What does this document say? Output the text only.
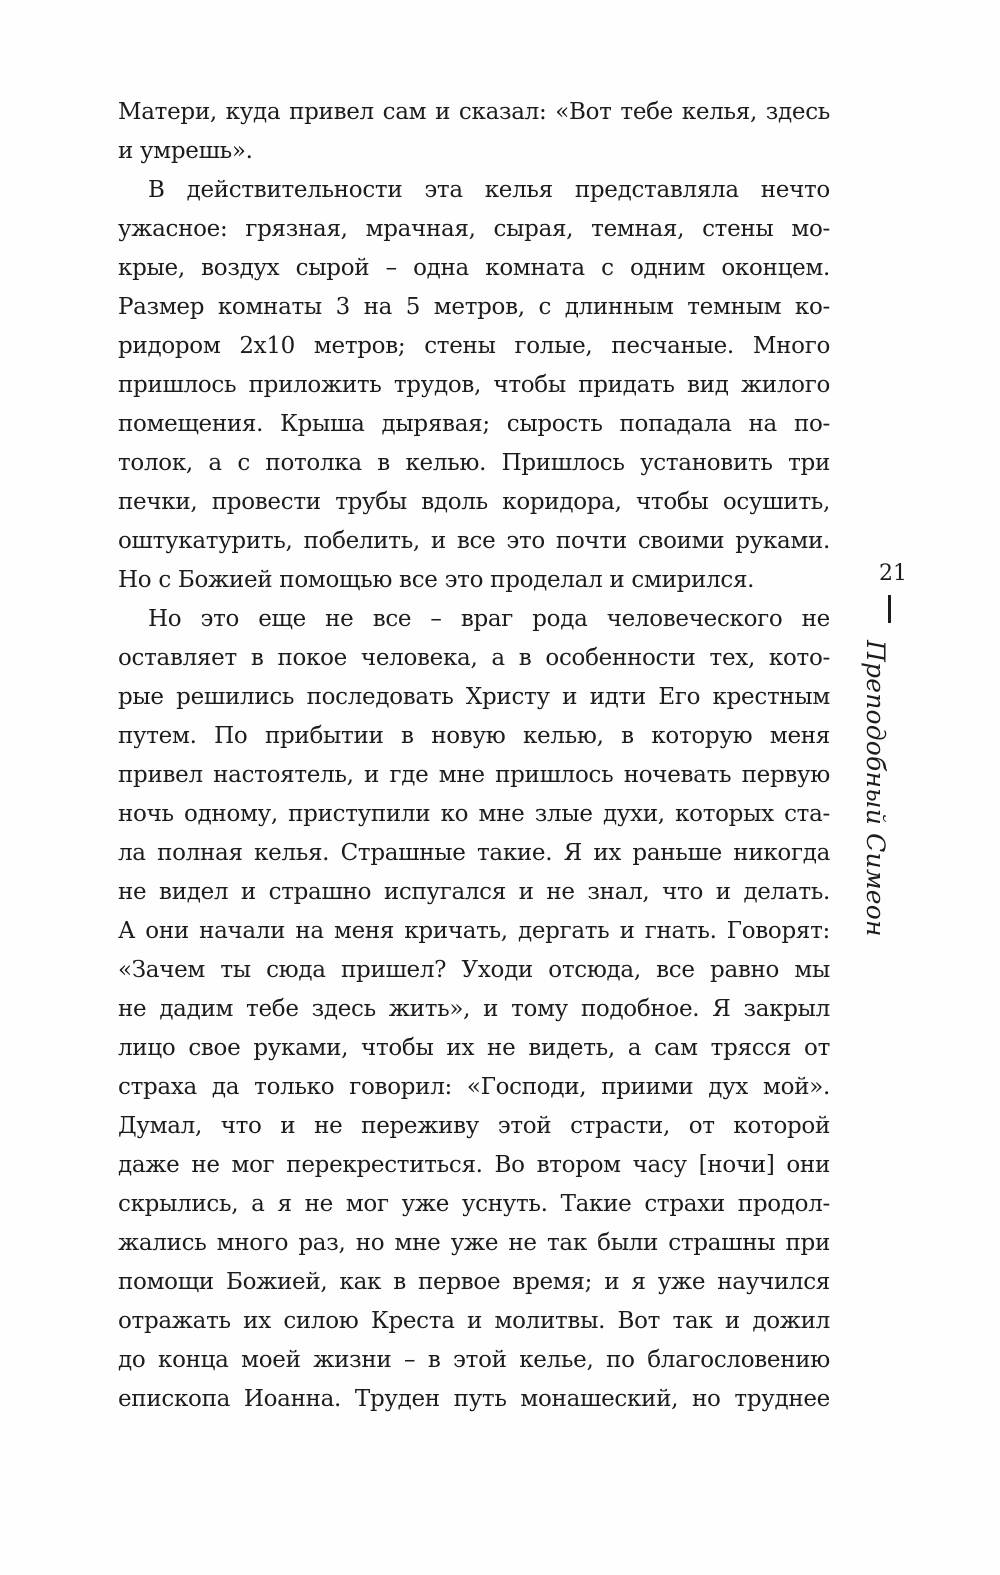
Матери, куда привел сам и сказал: «Вот тебе келья, здесь
и умрешь».
В действительности эта келья представляла нечто
ужасное: грязная, мрачная, сырая, темная, стены мо-
крые, воздух сырой – одна комната с одним оконцем.
Размер комнаты 3 на 5 метров, с длинным темным ко-
ридором 2x10 метров; стены голые, песчаные. Много
пришлось приложить трудов, чтобы придать вид жилого
помещения. Крыша дырявая; сырость попадала на по-
толок, а с потолка в келью. Пришлось установить три
печки, провести трубы вдоль коридора, чтобы осушить,
оштукатурить, побелить, и все это почти своими руками.
Но с Божией помощью все это проделал и смирился.
Но это еще не все – враг рода человеческого не
оставляет в покое человека, а в особенности тех, кото-
рые решились последовать Христу и идти Его крестным
путем. По прибытии в новую келью, в которую меня
привел настоятель, и где мне пришлось ночевать первую
ночь одному, приступили ко мне злые духи, которых ста-
ла полная келья. Страшные такие. Я их раньше никогда
не видел и страшно испугался и не знал, что и делать.
А они начали на меня кричать, дергать и гнать. Говорят:
«Зачем ты сюда пришел? Уходи отсюда, все равно мы
не дадим тебе здесь жить», и тому подобное. Я закрыл
лицо свое руками, чтобы их не видеть, а сам трясся от
страха да только говорил: «Господи, приими дух мой».
Думал, что и не переживу этой страсти, от которой
даже не мог перекреститься. Во втором часу [ночи] они
скрылись, а я не мог уже уснуть. Такие страхи продол-
жались много раз, но мне уже не так были страшны при
помощи Божией, как в первое время; и я уже научился
отражать их силою Креста и молитвы. Вот так и дожил
до конца моей жизни – в этой келье, по благословению
епископа Иоанна. Труден путь монашеский, но труднее
21
Преподобный Симеон
